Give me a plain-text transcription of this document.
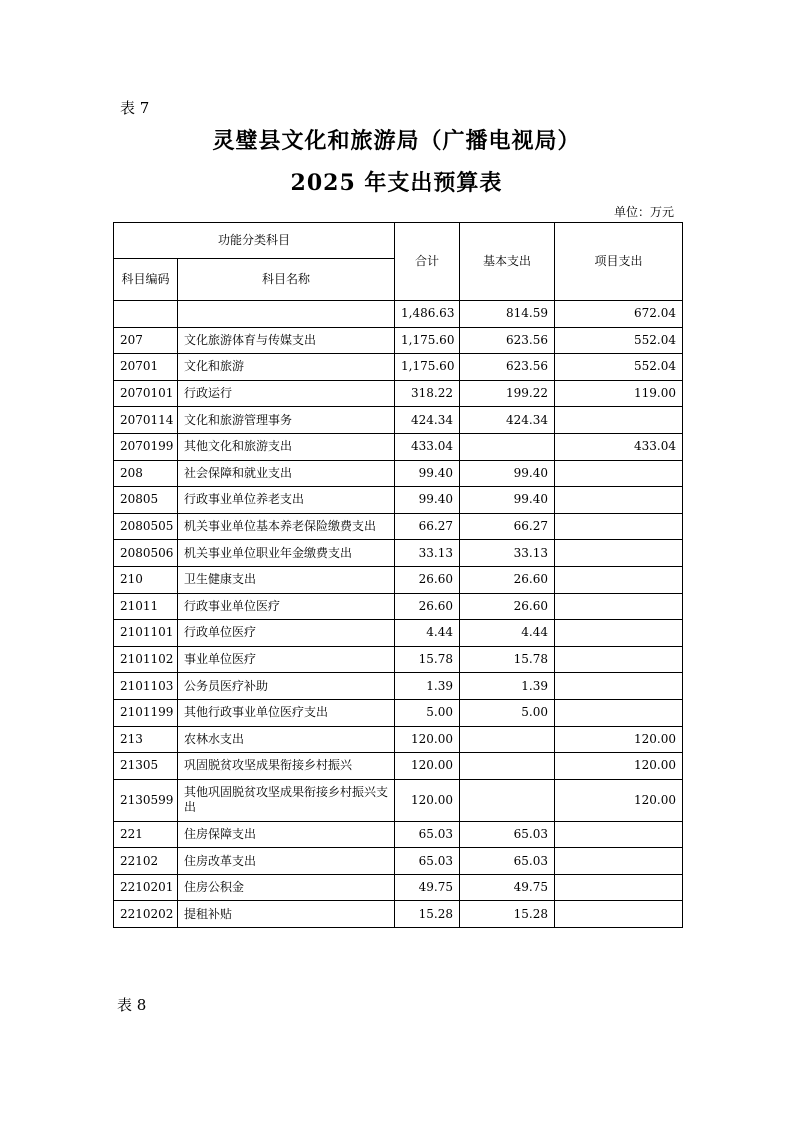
表 7
灵璧县文化和旅游局（广播电视局）
2025 年支出预算表
单位：万元
功能分类科目		合计	基本支出	项目支出
科目编码	科目名称			
		1,486.63	814.59	672.04
207	文化旅游体育与传媒支出	1,175.60	623.56	552.04
20701	文化和旅游	1,175.60	623.56	552.04
2070101	行政运行	318.22	199.22	119.00
2070114	文化和旅游管理事务	424.34	424.34	
2070199	其他文化和旅游支出	433.04		433.04
208	社会保障和就业支出	99.40	99.40	
20805	行政事业单位养老支出	99.40	99.40	
2080505	机关事业单位基本养老保险缴费支出	66.27	66.27	
2080506	机关事业单位职业年金缴费支出	33.13	33.13	
210	卫生健康支出	26.60	26.60	
21011	行政事业单位医疗	26.60	26.60	
2101101	行政单位医疗	4.44	4.44	
2101102	事业单位医疗	15.78	15.78	
2101103	公务员医疗补助	1.39	1.39	
2101199	其他行政事业单位医疗支出	5.00	5.00	
213	农林水支出	120.00		120.00
21305	巩固脱贫攻坚成果衔接乡村振兴	120.00		120.00
2130599	其他巩固脱贫攻坚成果衔接乡村振兴支出	120.00		120.00
221	住房保障支出	65.03	65.03	
22102	住房改革支出	65.03	65.03	
2210201	住房公积金	49.75	49.75	
2210202	提租补贴	15.28	15.28	
表 8
